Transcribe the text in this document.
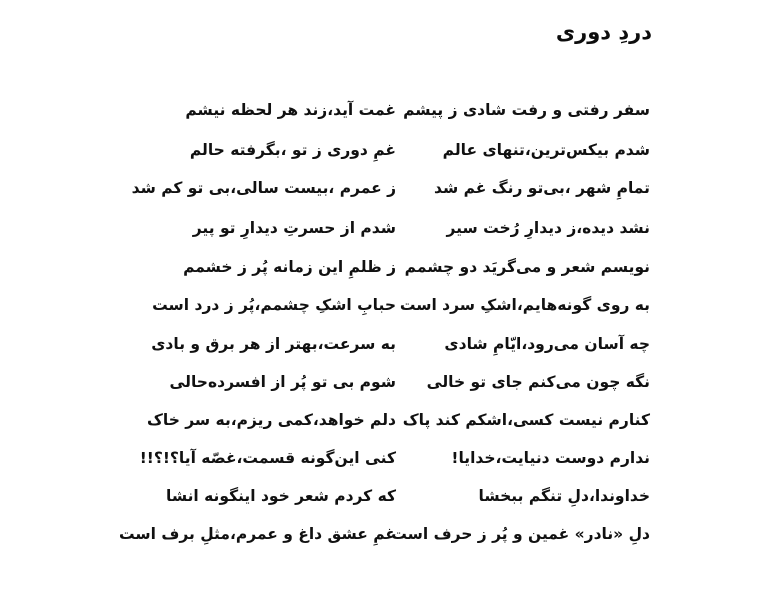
دردِ دوری
سفر رفتی و رفت شادی ز پیشم
غمت آید،زند هر لحظه نیشم
شدم بیکس‌ترین،تنهای عالم
غمِ دوری ز تو ،بگرفته حالم
تمامِ شهر ،بی‌تو رنگ غم شد
ز عمرم ،بیست سالی،بی تو کم شد
نشد دیده،ز دیدارِ رُخت سیر
شدم از حسرتِ دیدارِ تو پیر
نویسم شعر و می‌گریَد دو چشمم
ز ظلمِ این زمانه پُر ز خشمم
به روی گونه‌هایم،اشکِ سرد است
حبابِ اشکِ چشمم،پُر ز درد است
چه آسان می‌رود،ایّامِ شادی
به سرعت،بهتر از هر برق و بادی
نگه چون می‌کنم جای تو خالی
شوم بی تو پُر از افسرده‌حالی
کنارم نیست کسی،اشکم کند پاک
دلم خواهد،کمی ریزم،به سر خاک
ندارم دوست دنیایت،خدایا!
کنی این‌گونه قسمت،غصّه آیا؟!؟!!
خداوندا،دلِ تنگم ببخشا
که کردم شعر خود اینگونه انشا
دلِ «نادر» غمین و پُر ز حرف است
غمِ عشق داغ و عمرم،مثلِ برف است
